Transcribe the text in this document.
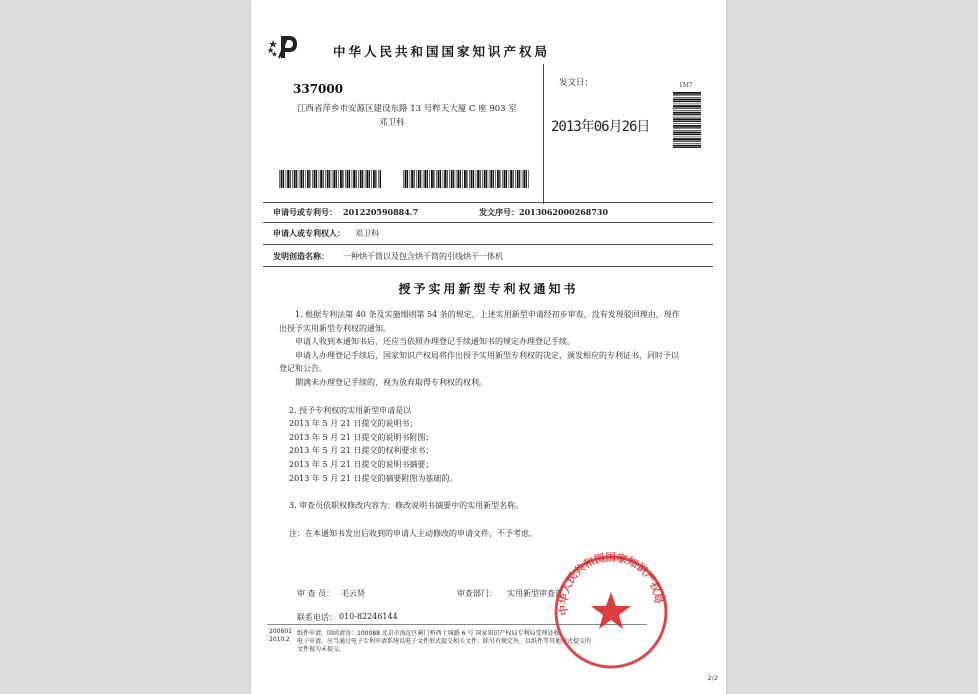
中华人民共和国国家知识产权局
337000
江西省萍乡市安源区建设东路 13 号粹天大厦 C 座 903 室
邓卫科
发文日：
2013年06月26日
1M7
申请号或专利号： 201220590884.7	发文序号： 2013062000268730
申请人或专利权人： 邓卫科
发明创造名称： 一种烘干筒以及包含烘干筒的引线烘干一体机
授予实用新型专利权通知书

1. 根据专利法第 40 条及实施细则第 54 条的规定，上述实用新型申请经初步审查，没有发现驳回理由，现作出授予实用新型专利权的通知。

申请人收到本通知书后，还应当依照办理登记手续通知书的规定办理登记手续。

申请人办理登记手续后，国家知识产权局将作出授予实用新型专利权的决定，颁发相应的专利证书，同时予以登记和公告。

期满未办理登记手续的，视为放弃取得专利权的权利。

2. 授予专利权的实用新型申请是以

2013 年 5 月 21 日提交的说明书；

2013 年 5 月 21 日提交的说明书附图；

2013 年 5 月 21 日提交的权利要求书；

2013 年 5 月 21 日提交的说明书摘要；

2013 年 5 月 21 日提交的摘要附图为基础的。

3. 审查员依职权修改内容为：修改说明书摘要中的实用新型名称。

注：在本通知书发出后收到的申请人主动修改的申请文件，不予考虑。

审 查 员： 毛云贤	审查部门： 实用新型审查部
联系电话： 010-82246144
200601
2010.2
纸件申请，回函请寄：100088 北京市海淀区蓟门桥西土城路 6 号 国家知识产权局专利局受理处收
电子申请，应当通过电子专利申请系统以电子文件形式提交相关文件。除另有规定外，以纸件等其他形式提交的
文件视为未提交。
2/2
中华人民共和国国家知识产权局
